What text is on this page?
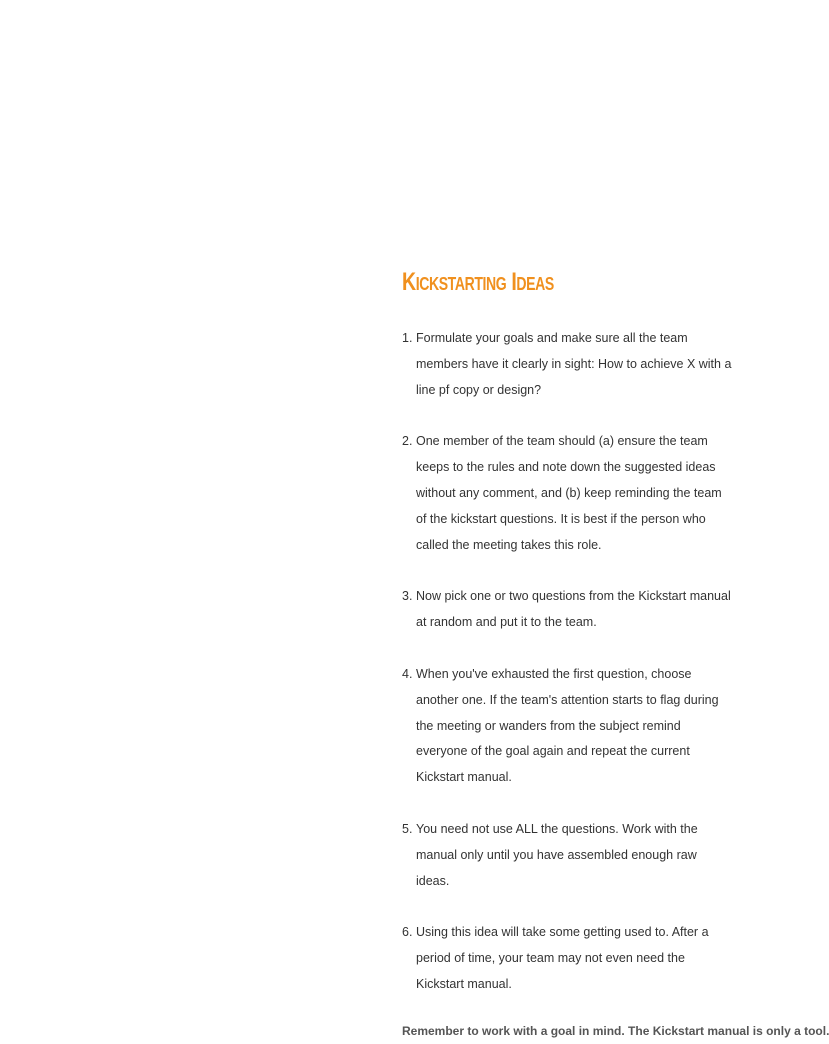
Kickstarting Ideas
1. Formulate your goals and make sure all the team members have it clearly in sight: How to achieve X with a line pf copy or design?
2. One member of the team should (a) ensure the team keeps to the rules and note down the suggested ideas without any comment, and (b) keep reminding the team of the kickstart questions. It is best if the person who called the meeting takes this role.
3. Now pick one or two questions from the Kickstart manual at random and put it to the team.
4. When you've exhausted the first question, choose another one. If the team's attention starts to flag during the meeting or wanders from the subject remind everyone of the goal again and repeat the current Kickstart manual.
5. You need not use ALL the questions. Work with the manual only until you have assembled enough raw ideas.
6. Using this idea will take some getting used to. After a period of time, your team may not even need the Kickstart manual.

Remember to work with a goal in mind. The Kickstart manual is only a tool.
